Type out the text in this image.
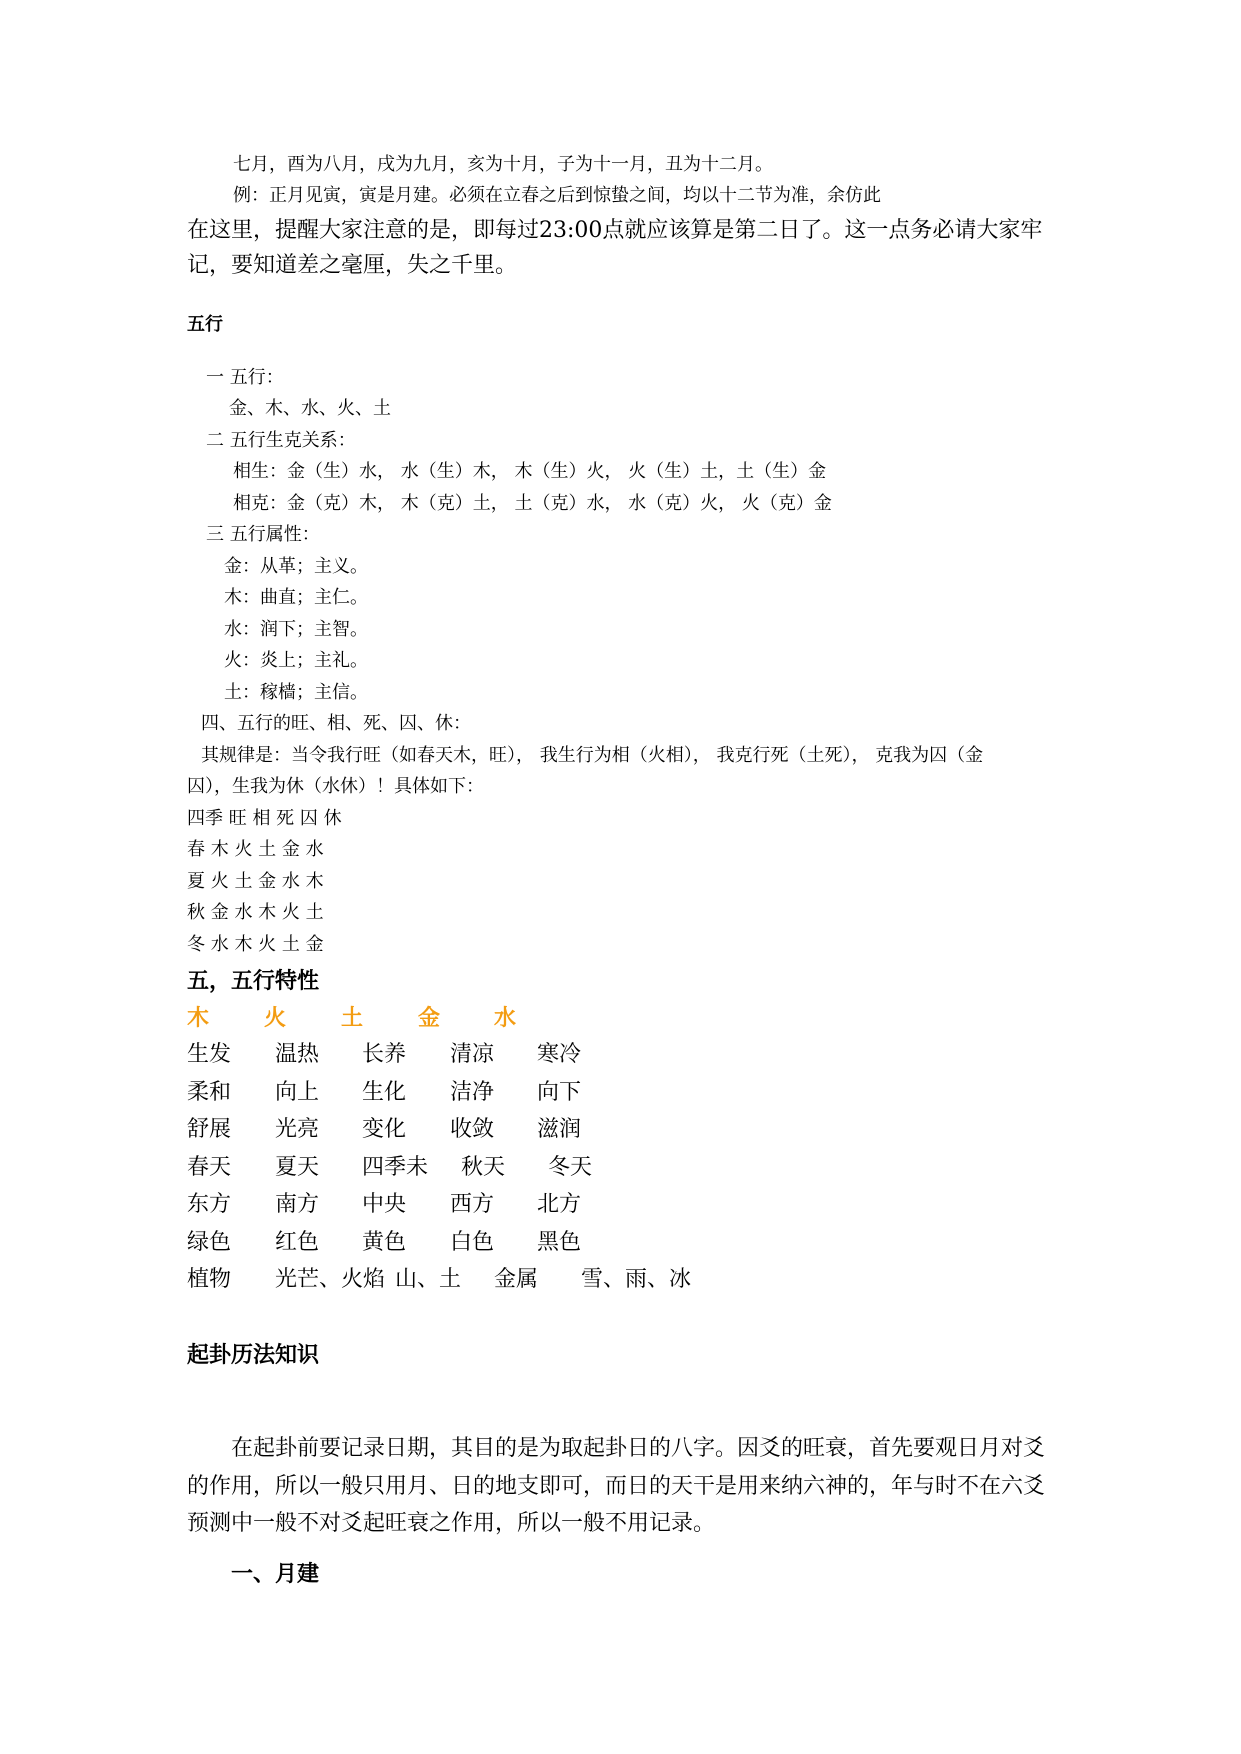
七月，酉为八月，戌为九月，亥为十月，子为十一月，丑为十二月。
例：正月见寅，寅是月建。必须在立春之后到惊蛰之间，均以十二节为准，余仿此
在这里，提醒大家注意的是，即每过23:00点就应该算是第二日了。这一点务必请大家牢
记，要知道差之毫厘，失之千里。
五行
一 五行：
金、木、水、火、土
二 五行生克关系：
相生：金（生）水， 水（生）木， 木（生）火， 火（生）土，土（生）金
相克：金（克）木， 木（克）土， 土（克）水， 水（克）火， 火（克）金
三 五行属性：
金：从革；主义。
木：曲直；主仁。
水：润下；主智。
火：炎上；主礼。
土：稼樯；主信。
四、五行的旺、相、死、囚、休：
其规律是：当令我行旺（如春天木，旺）， 我生行为相（火相）， 我克行死（土死）， 克我为囚（金
囚），生我为休（水休）！具体如下：
四季 旺 相 死 囚 休
春 木 火 土 金 水
夏 火 土 金 水 木
秋 金 水 木 火 土
冬 水 木 火 土 金
五，五行特性
木 火 土 金 水
生发 温热 长养 清凉 寒冷
柔和 向上 生化 洁净 向下
舒展 光亮 变化 收敛 滋润
春天 夏天 四季未 秋天 冬天
东方 南方 中央 西方 北方
绿色 红色 黄色 白色 黑色
植物 光芒、火焰 山、土 金属 雪、雨、冰
起卦历法知识
在起卦前要记录日期，其目的是为取起卦日的八字。因爻的旺衰，首先要观日月对爻
的作用，所以一般只用月、日的地支即可，而日的天干是用来纳六神的，年与时不在六爻
预测中一般不对爻起旺衰之作用，所以一般不用记录。
一、月建
